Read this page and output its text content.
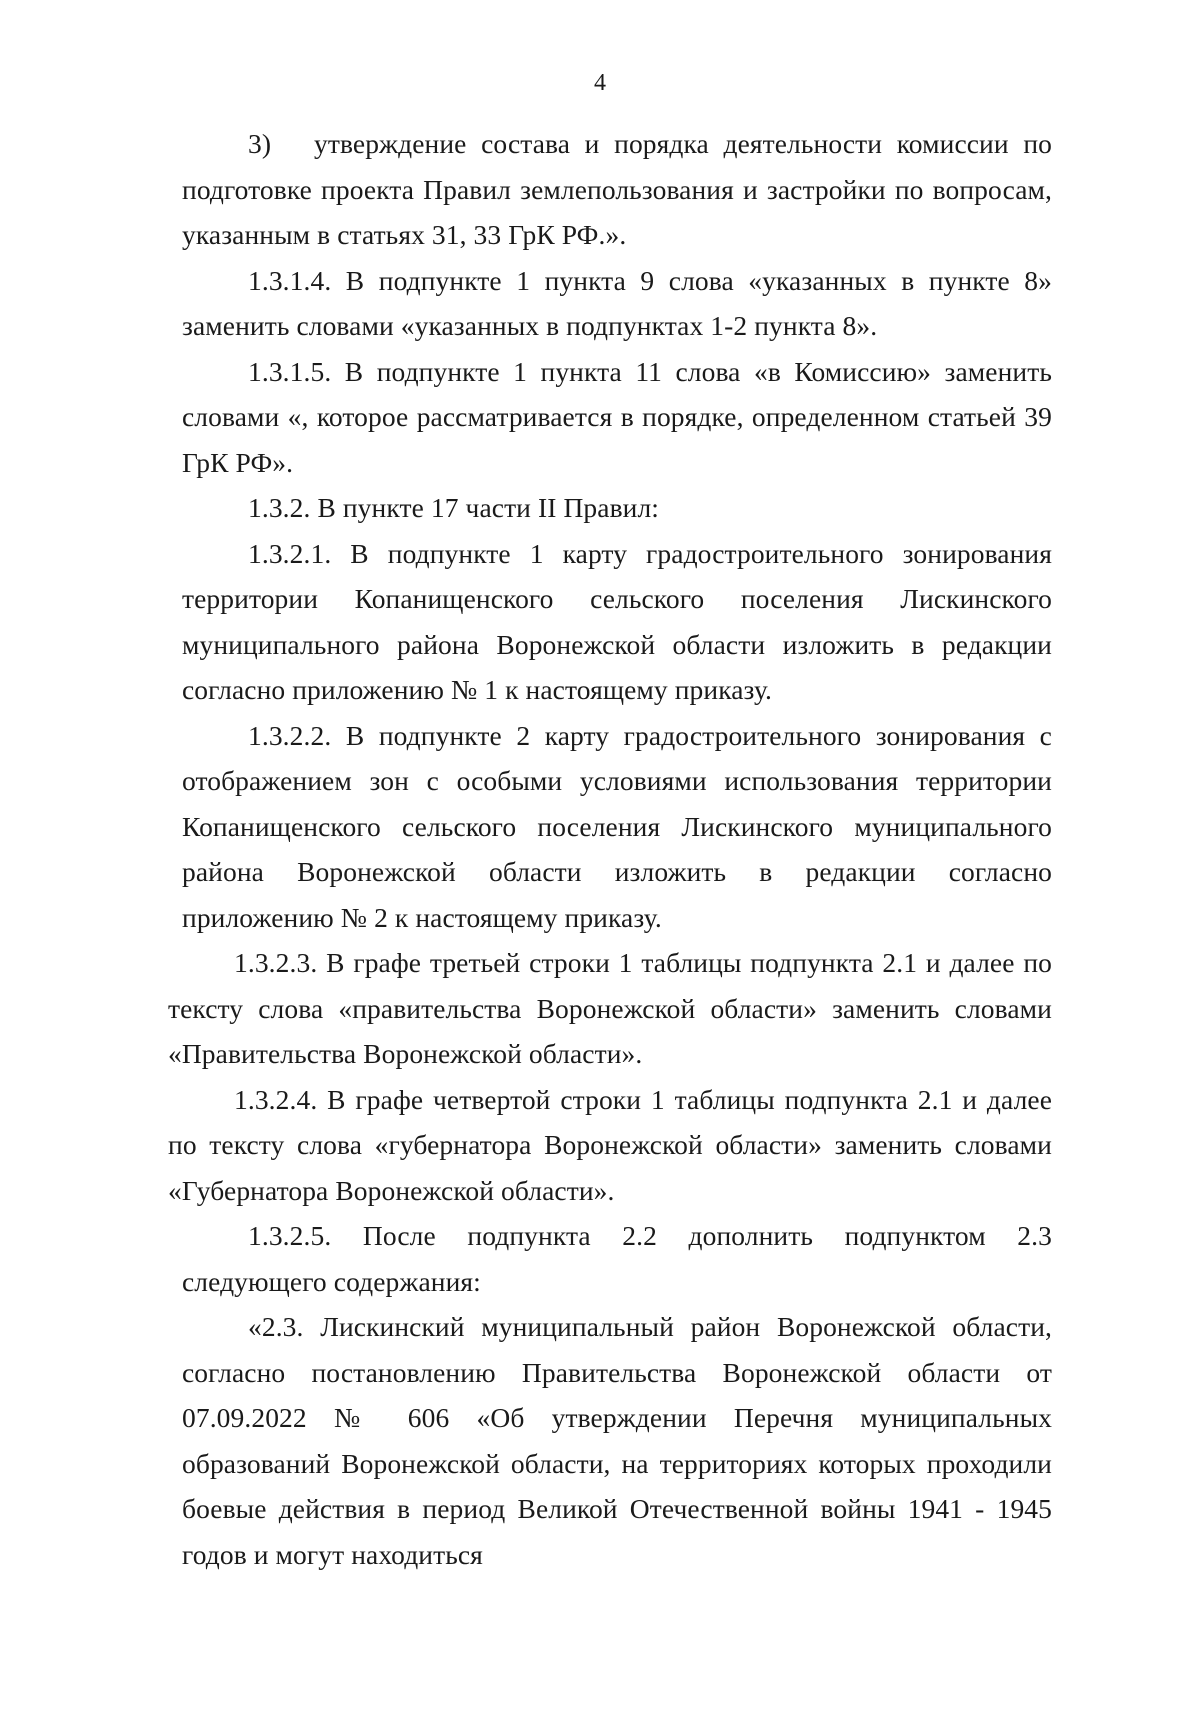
4

3) утверждение состава и порядка деятельности комиссии по подготовке проекта Правил землепользования и застройки по вопросам, указанным в статьях 31, 33 ГрК РФ.».

1.3.1.4. В подпункте 1 пункта 9 слова «указанных в пункте 8» заменить словами «указанных в подпунктах 1-2 пункта 8».

1.3.1.5. В подпункте 1 пункта 11 слова «в Комиссию» заменить словами «, которое рассматривается в порядке, определенном статьей 39 ГрК РФ».

1.3.2. В пункте 17 части II Правил:

1.3.2.1. В подпункте 1 карту градостроительного зонирования территории Копанищенского сельского поселения Лискинского муниципального района Воронежской области изложить в редакции согласно приложению № 1 к настоящему приказу.

1.3.2.2. В подпункте 2 карту градостроительного зонирования с отображением зон с особыми условиями использования территории Копанищенского сельского поселения Лискинского муниципального района Воронежской области изложить в редакции согласно приложению № 2 к настоящему приказу.

1.3.2.3. В графе третьей строки 1 таблицы подпункта 2.1 и далее по тексту слова «правительства Воронежской области» заменить словами «Правительства Воронежской области».

1.3.2.4. В графе четвертой строки 1 таблицы подпункта 2.1 и далее по тексту слова «губернатора Воронежской области» заменить словами «Губернатора Воронежской области».

1.3.2.5. После подпункта 2.2 дополнить подпунктом 2.3 следующего содержания:

«2.3. Лискинский муниципальный район Воронежской области, согласно постановлению Правительства Воронежской области от 07.09.2022 № 606 «Об утверждении Перечня муниципальных образований Воронежской области, на территориях которых проходили боевые действия в период Великой Отечественной войны 1941 - 1945 годов и могут находиться
